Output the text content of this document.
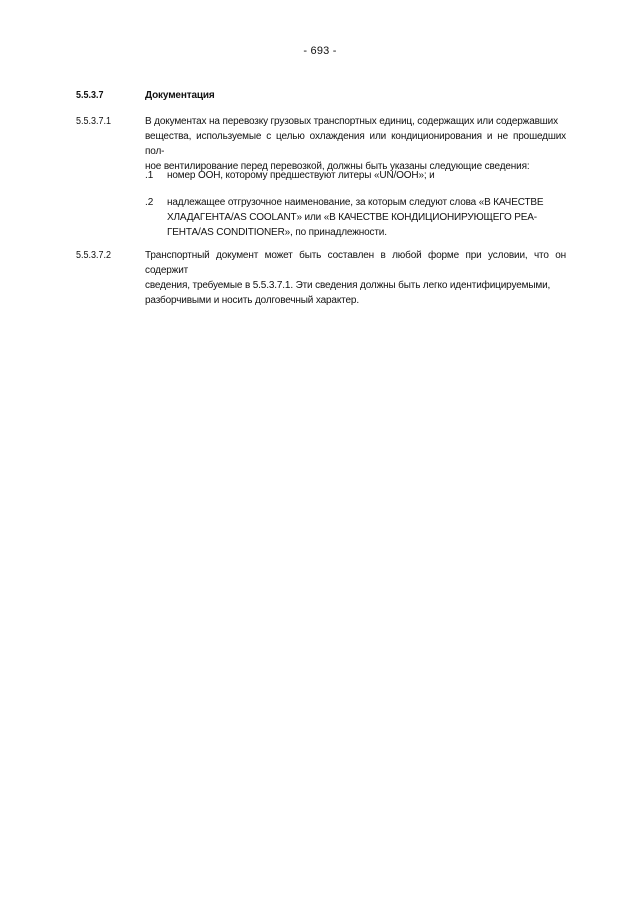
- 693 -
5.5.3.7	Документация
5.5.3.7.1	В документах на перевозку грузовых транспортных единиц, содержащих или содержавших
вещества, используемые с целью охлаждения или кондиционирования и не прошедших пол-
ное вентилирование перед перевозкой, должны быть указаны следующие сведения:
.1 номер ООН, которому предшествуют литеры «UN/ООН»; и
.2 надлежащее отгрузочное наименование, за которым следуют слова «В КАЧЕСТВЕ
ХЛАДАГЕНТА/AS COOLANT» или «В КАЧЕСТВЕ КОНДИЦИОНИРУЮЩЕГО РЕА-
ГЕНТА/AS CONDITIONER», по принадлежности.
5.5.3.7.2	Транспортный документ может быть составлен в любой форме при условии, что он содержит
сведения, требуемые в 5.5.3.7.1. Эти сведения должны быть легко идентифицируемыми,
разборчивыми и носить долговечный характер.
